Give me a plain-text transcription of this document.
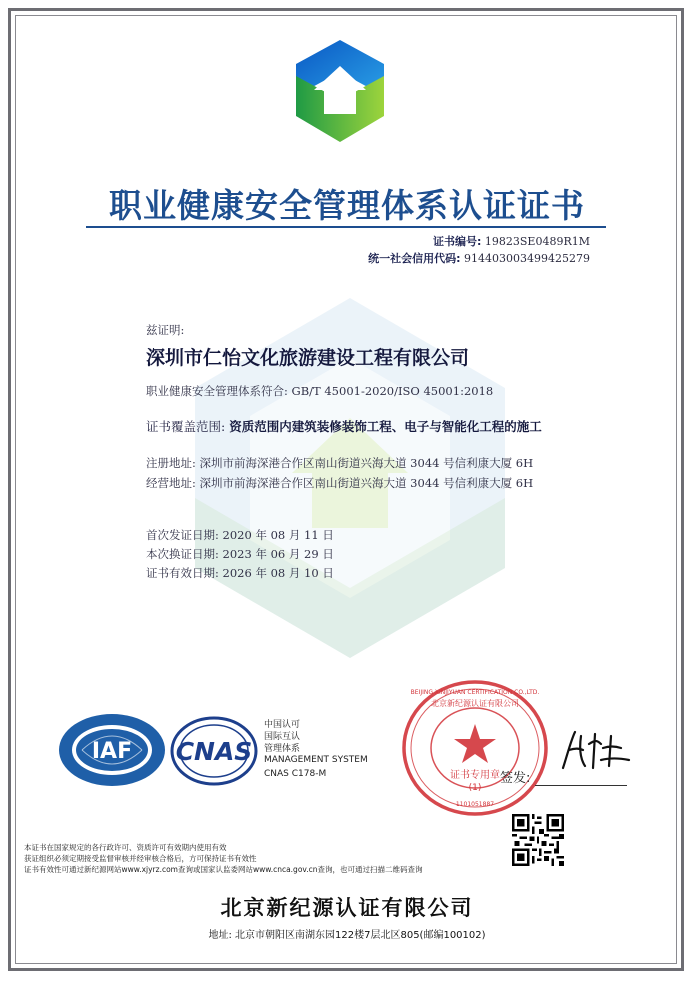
职业健康安全管理体系认证证书
证书编号: 19823SE0489R1M
统一社会信用代码: 914403003499425279
兹证明:
深圳市仁怡文化旅游建设工程有限公司
职业健康安全管理体系符合: GB/T 45001-2020/ISO 45001:2018
证书覆盖范围: 资质范围内建筑装修装饰工程、电子与智能化工程的施工
注册地址: 深圳市前海深港合作区南山街道兴海大道 3044 号信利康大厦 6H
经营地址: 深圳市前海深港合作区南山街道兴海大道 3044 号信利康大厦 6H
首次发证日期: 2020 年 08 月 11 日
本次换证日期: 2023 年 06 月 29 日
证书有效日期: 2026 年 08 月 10 日
IAF CNAS
中国认可
国际互认
管理体系
MANAGEMENT SYSTEM
CNAS C178-M	证书专用章
(1)
1101051887
BEIJING XINJIYUAN CERTIFICATION CO.,LTD.
北京新纪源认证有限公司
签发:
本证书在国家规定的各行政许可、资质许可有效期内使用有效
获证组织必须定期接受监督审核并经审核合格后，方可保持证书有效性
证书有效性可通过新纪源网站www.xjyrz.com查询或国家认监委网站www.cnca.gov.cn查询，也可通过扫描二维码查询
北京新纪源认证有限公司
地址: 北京市朝阳区南湖东园122楼7层北区805(邮编100102)
